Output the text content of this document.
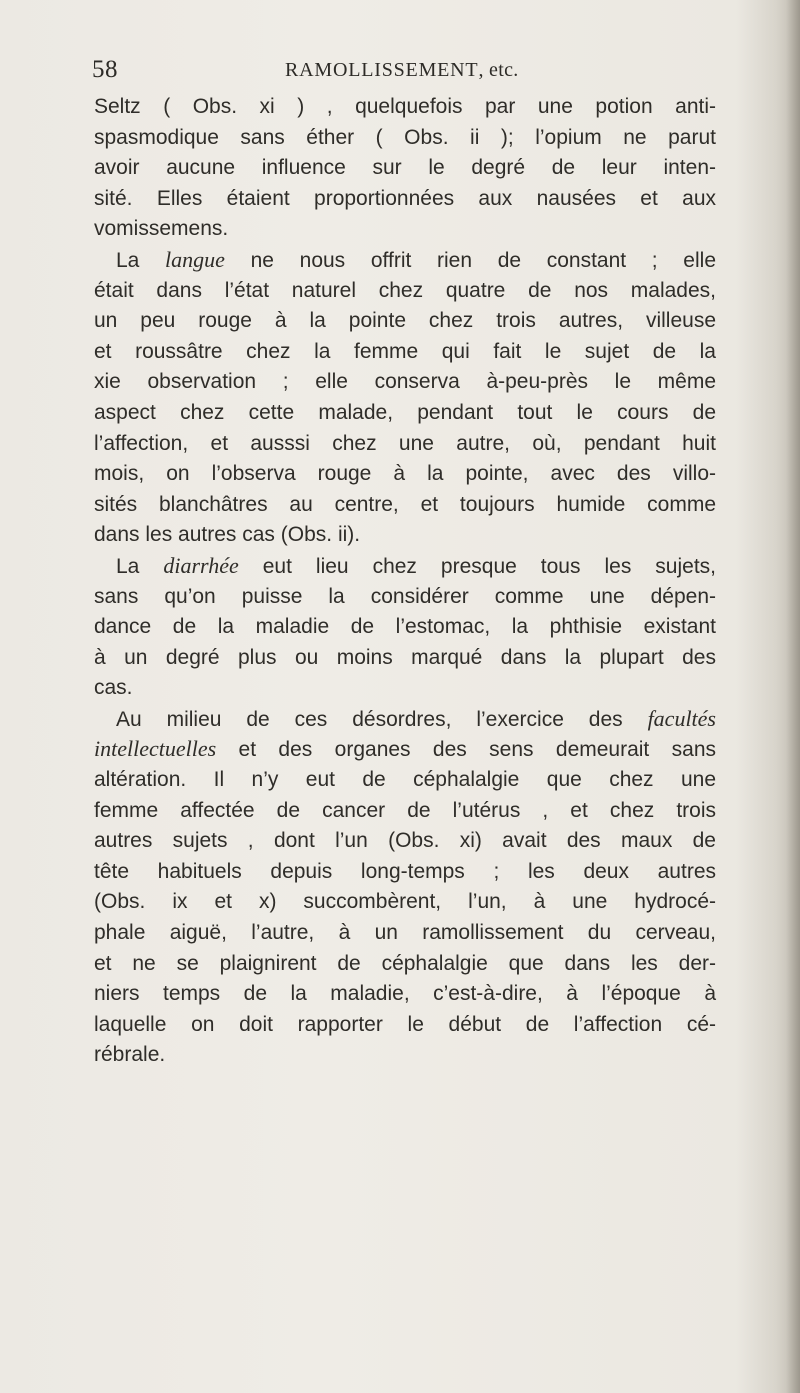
58	RAMOLLISSEMENT, etc.
Seltz ( Obs. xi ) , quelquefois par une potion anti-
spasmodique sans éther ( Obs. ii ); l’opium ne parut
avoir aucune influence sur le degré de leur inten-
sité. Elles étaient proportionnées aux nausées et aux
vomissemens.
La langue ne nous offrit rien de constant ; elle
était dans l’état naturel chez quatre de nos malades,
un peu rouge à la pointe chez trois autres, villeuse
et roussâtre chez la femme qui fait le sujet de la
xie observation ; elle conserva à-peu-près le même
aspect chez cette malade, pendant tout le cours de
l’affection, et ausssi chez une autre, où, pendant huit
mois, on l’observa rouge à la pointe, avec des villo-
sités blanchâtres au centre, et toujours humide comme
dans les autres cas (Obs. ii).
La diarrhée eut lieu chez presque tous les sujets,
sans qu’on puisse la considérer comme une dépen-
dance de la maladie de l’estomac, la phthisie existant
à un degré plus ou moins marqué dans la plupart des
cas.
Au milieu de ces désordres, l’exercice des facultés
intellectuelles et des organes des sens demeurait sans
altération. Il n’y eut de céphalalgie que chez une
femme affectée de cancer de l’utérus , et chez trois
autres sujets , dont l’un (Obs. xi) avait des maux de
tête habituels depuis long-temps ; les deux autres
(Obs. ix et x) succombèrent, l’un, à une hydrocé-
phale aiguë, l’autre, à un ramollissement du cerveau,
et ne se plaignirent de céphalalgie que dans les der-
niers temps de la maladie, c’est-à-dire, à l’époque à
laquelle on doit rapporter le début de l’affection cé-
rébrale.
